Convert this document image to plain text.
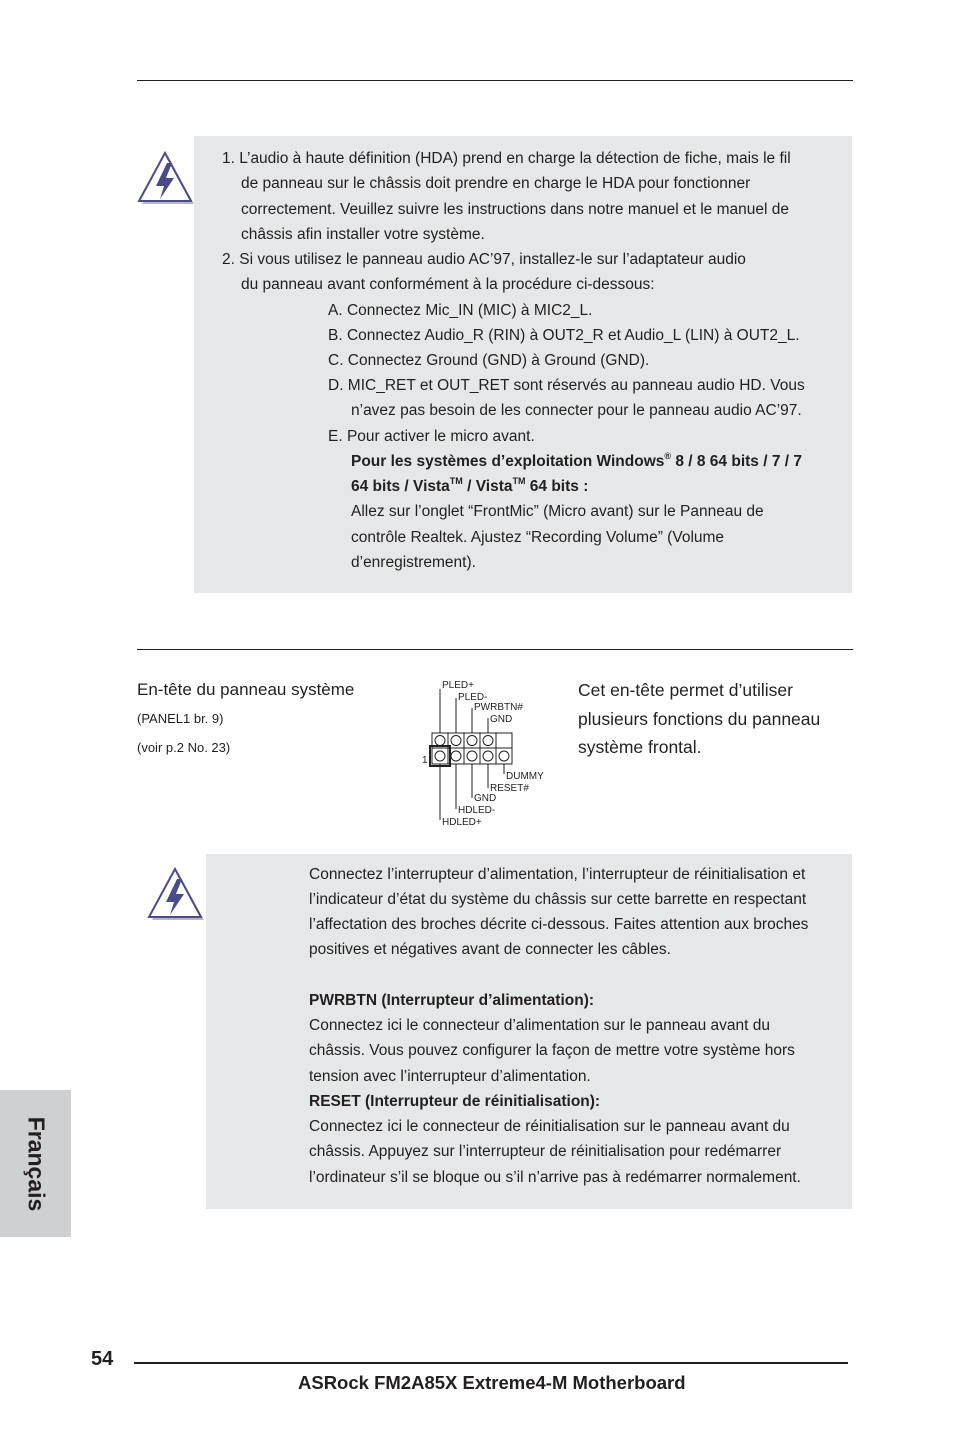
1. L’audio à haute définition (HDA) prend en charge la détection de fiche, mais le fil
de panneau sur le châssis doit prendre en charge le HDA pour fonctionner
correctement. Veuillez suivre les instructions dans notre manuel et le manuel de
châssis afin installer votre système.
2. Si vous utilisez le panneau audio AC’97, installez-le sur l’adaptateur audio
du panneau avant conformément à la procédure ci-dessous:
A. Connectez Mic_IN (MIC) à MIC2_L.
B. Connectez Audio_R (RIN) à OUT2_R et Audio_L (LIN) à OUT2_L.
C. Connectez Ground (GND) à Ground (GND).
D. MIC_RET et OUT_RET sont réservés au panneau audio HD. Vous
n’avez pas besoin de les connecter pour le panneau audio AC’97.
E. Pour activer le micro avant.
Pour les systèmes d’exploitation Windows® 8 / 8 64 bits / 7 / 7
64 bits / Vista™ / Vista™ 64 bits :
Allez sur l’onglet “FrontMic” (Micro avant) sur le Panneau de
contrôle Realtek. Ajustez “Recording Volume” (Volume
d’enregistrement).
En-tête du panneau système
(PANEL1 br. 9)
(voir p.2 No. 23)
Cet en-tête permet d’utiliser
plusieurs fonctions du panneau
système frontal.
PLED+
PLED-
PWRBTN#
GND
1
DUMMY
RESET#
GND
HDLED-
HDLED+
Connectez l’interrupteur d’alimentation, l’interrupteur de réinitialisation et
l’indicateur d’état du système du châssis sur cette barrette en respectant
l’affectation des broches décrite ci-dessous. Faites attention aux broches
positives et négatives avant de connecter les câbles.
PWRBTN (Interrupteur d’alimentation):
Connectez ici le connecteur d’alimentation sur le panneau avant du
châssis. Vous pouvez configurer la façon de mettre votre système hors
tension avec l’interrupteur d’alimentation.
RESET (Interrupteur de réinitialisation):
Connectez ici le connecteur de réinitialisation sur le panneau avant du
châssis. Appuyez sur l’interrupteur de réinitialisation pour redémarrer
l’ordinateur s’il se bloque ou s’il n’arrive pas à redémarrer normalement.
Français
54
ASRock FM2A85X Extreme4-M Motherboard
